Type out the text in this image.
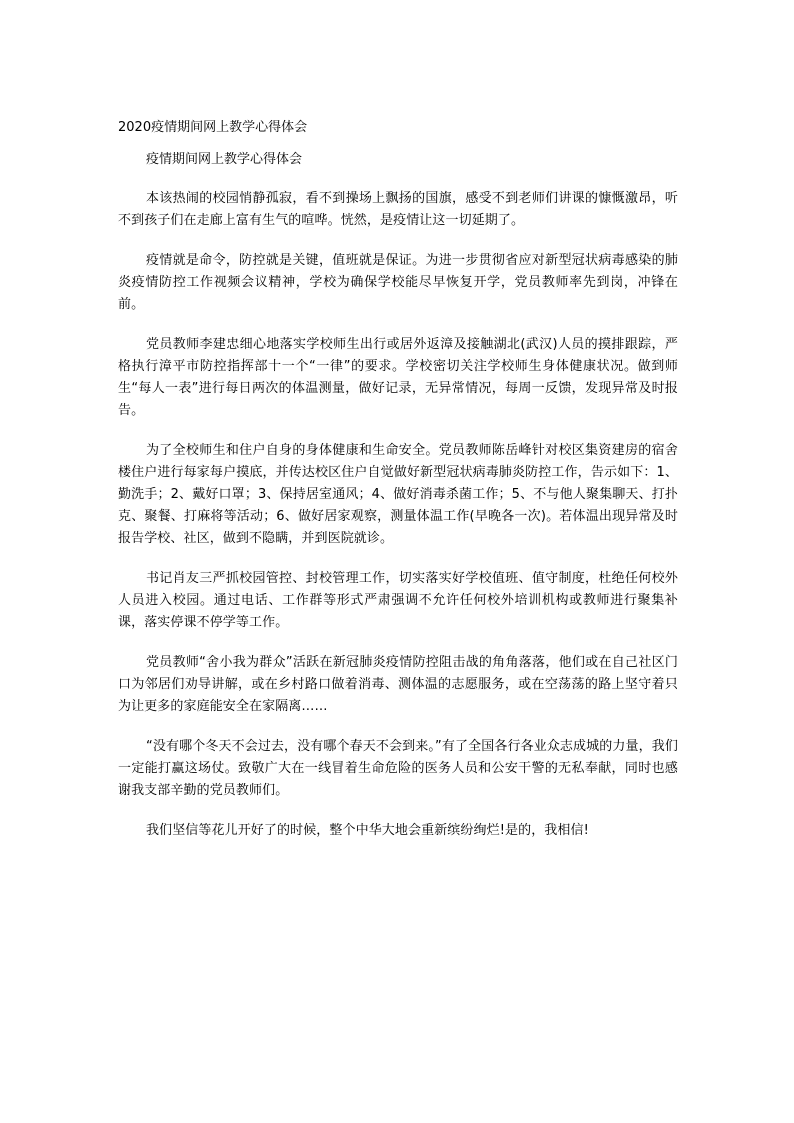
2020疫情期间网上教学心得体会
疫情期间网上教学心得体会

本该热闹的校园悄静孤寂，看不到操场上飘扬的国旗，感受不到老师们讲课的慷慨激昂，听不到孩子们在走廊上富有生气的喧哗。恍然，是疫情让这一切延期了。

疫情就是命令，防控就是关键，值班就是保证。为进一步贯彻省应对新型冠状病毒感染的肺炎疫情防控工作视频会议精神，学校为确保学校能尽早恢复开学，党员教师率先到岗，冲锋在前。

党员教师李建忠细心地落实学校师生出行或居外返漳及接触湖北(武汉)人员的摸排跟踪，严格执行漳平市防控指挥部十一个“一律”的要求。学校密切关注学校师生身体健康状况。做到师生“每人一表”进行每日两次的体温测量，做好记录，无异常情况，每周一反馈，发现异常及时报告。

为了全校师生和住户自身的身体健康和生命安全。党员教师陈岳峰针对校区集资建房的宿舍楼住户进行每家每户摸底，并传达校区住户自觉做好新型冠状病毒肺炎防控工作，告示如下：1、勤洗手；2、戴好口罩；3、保持居室通风；4、做好消毒杀菌工作；5、不与他人聚集聊天、打扑克、聚餐、打麻将等活动；6、做好居家观察，测量体温工作(早晚各一次)。若体温出现异常及时报告学校、社区，做到不隐瞒，并到医院就诊。

书记肖友三严抓校园管控、封校管理工作，切实落实好学校值班、值守制度，杜绝任何校外人员进入校园。通过电话、工作群等形式严肃强调不允许任何校外培训机构或教师进行聚集补课，落实停课不停学等工作。

党员教师“舍小我为群众”活跃在新冠肺炎疫情防控阻击战的角角落落，他们或在自己社区门口为邻居们劝导讲解，或在乡村路口做着消毒、测体温的志愿服务，或在空荡荡的路上坚守着只为让更多的家庭能安全在家隔离……

“没有哪个冬天不会过去，没有哪个春天不会到来。”有了全国各行各业众志成城的力量，我们一定能打赢这场仗。致敬广大在一线冒着生命危险的医务人员和公安干警的无私奉献，同时也感谢我支部辛勤的党员教师们。

我们坚信等花儿开好了的时候，整个中华大地会重新缤纷绚烂!是的，我相信!
